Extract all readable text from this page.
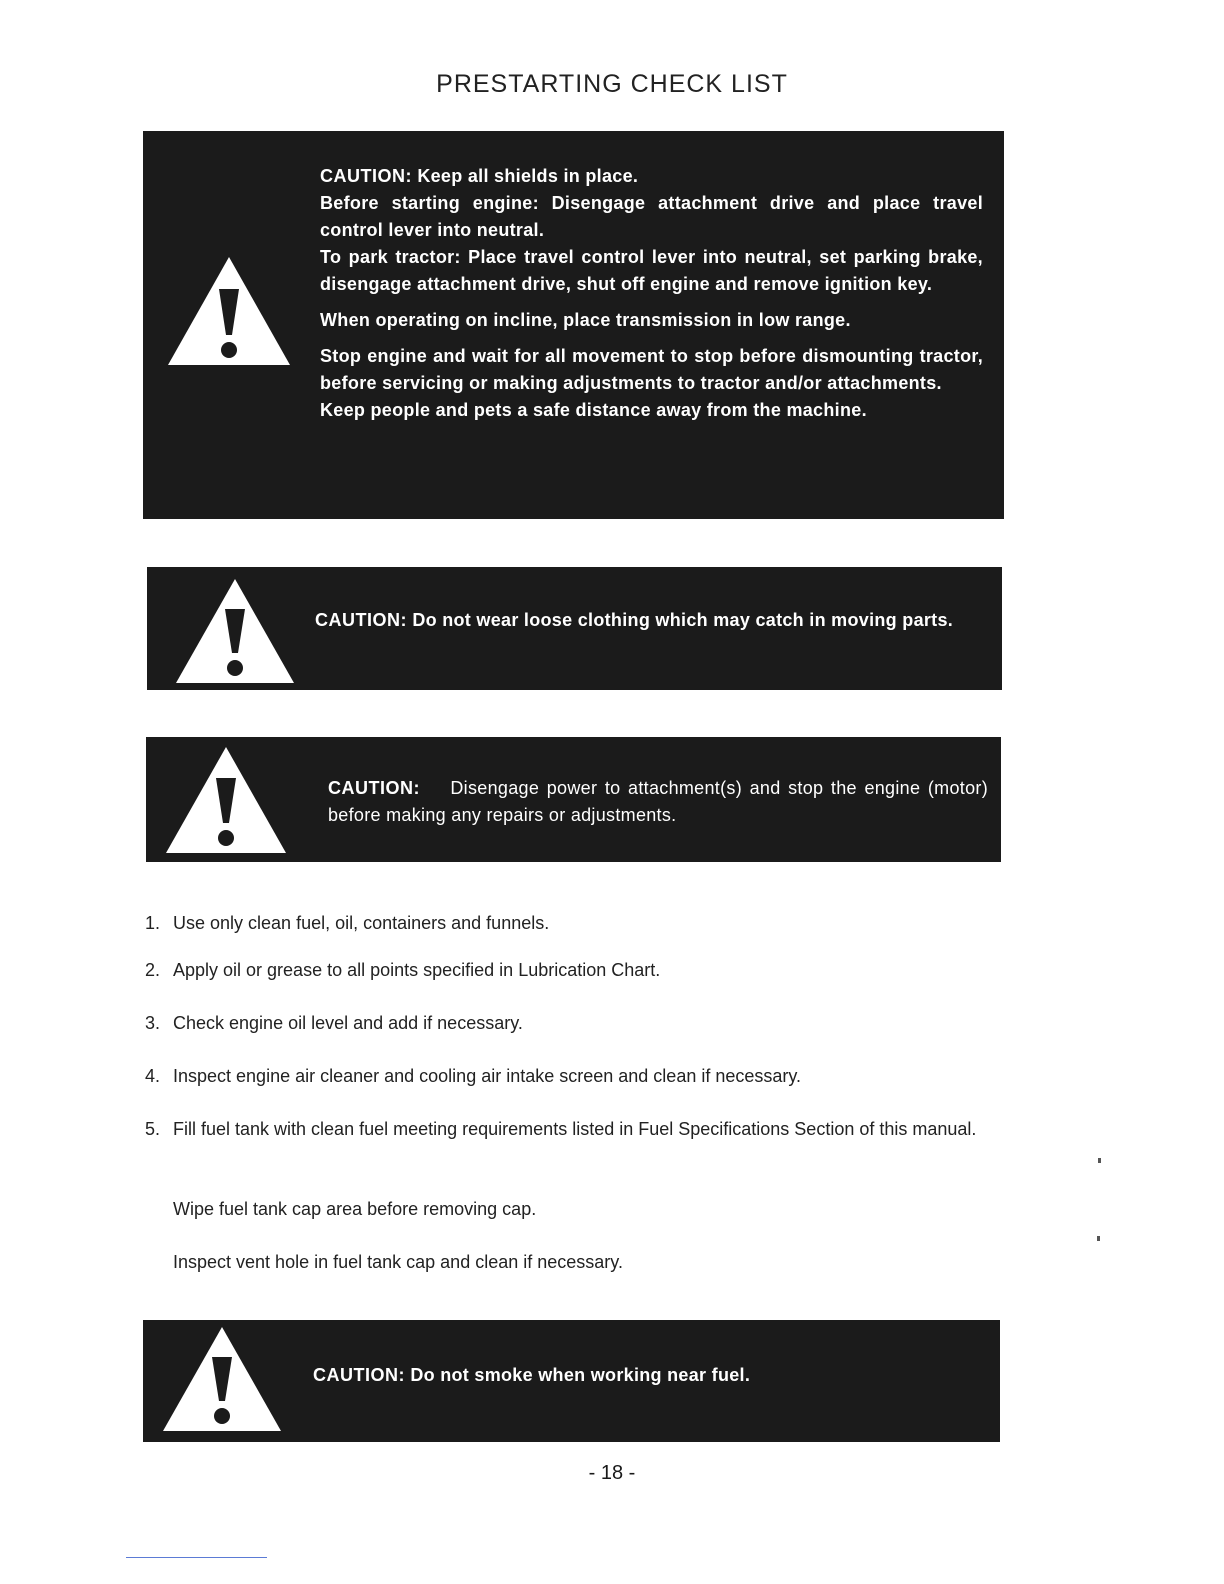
PRESTARTING CHECK LIST

CAUTION: Keep all shields in place.

Before starting engine: Disengage attachment drive and place travel control lever into neutral.

To park tractor: Place travel control lever into neutral, set parking brake, disengage attachment drive, shut off engine and remove ignition key.

When operating on incline, place transmission in low range.

Stop engine and wait for all movement to stop before dismounting tractor, before servicing or making adjustments to tractor and/or attachments.

Keep people and pets a safe distance away from the machine.

CAUTION: Do not wear loose clothing which may catch in moving parts.

CAUTION: Disengage power to attachment(s) and stop the engine (motor) before making any repairs or adjustments.

1. Use only clean fuel, oil, containers and funnels.
2. Apply oil or grease to all points specified in Lubrication Chart.
3. Check engine oil level and add if necessary.
4. Inspect engine air cleaner and cooling air intake screen and clean if necessary.
5. Fill fuel tank with clean fuel meeting requirements listed in Fuel Specifications Section of this manual.
Wipe fuel tank cap area before removing cap.
Inspect vent hole in fuel tank cap and clean if necessary.

CAUTION: Do not smoke when working near fuel.

- 18 -
